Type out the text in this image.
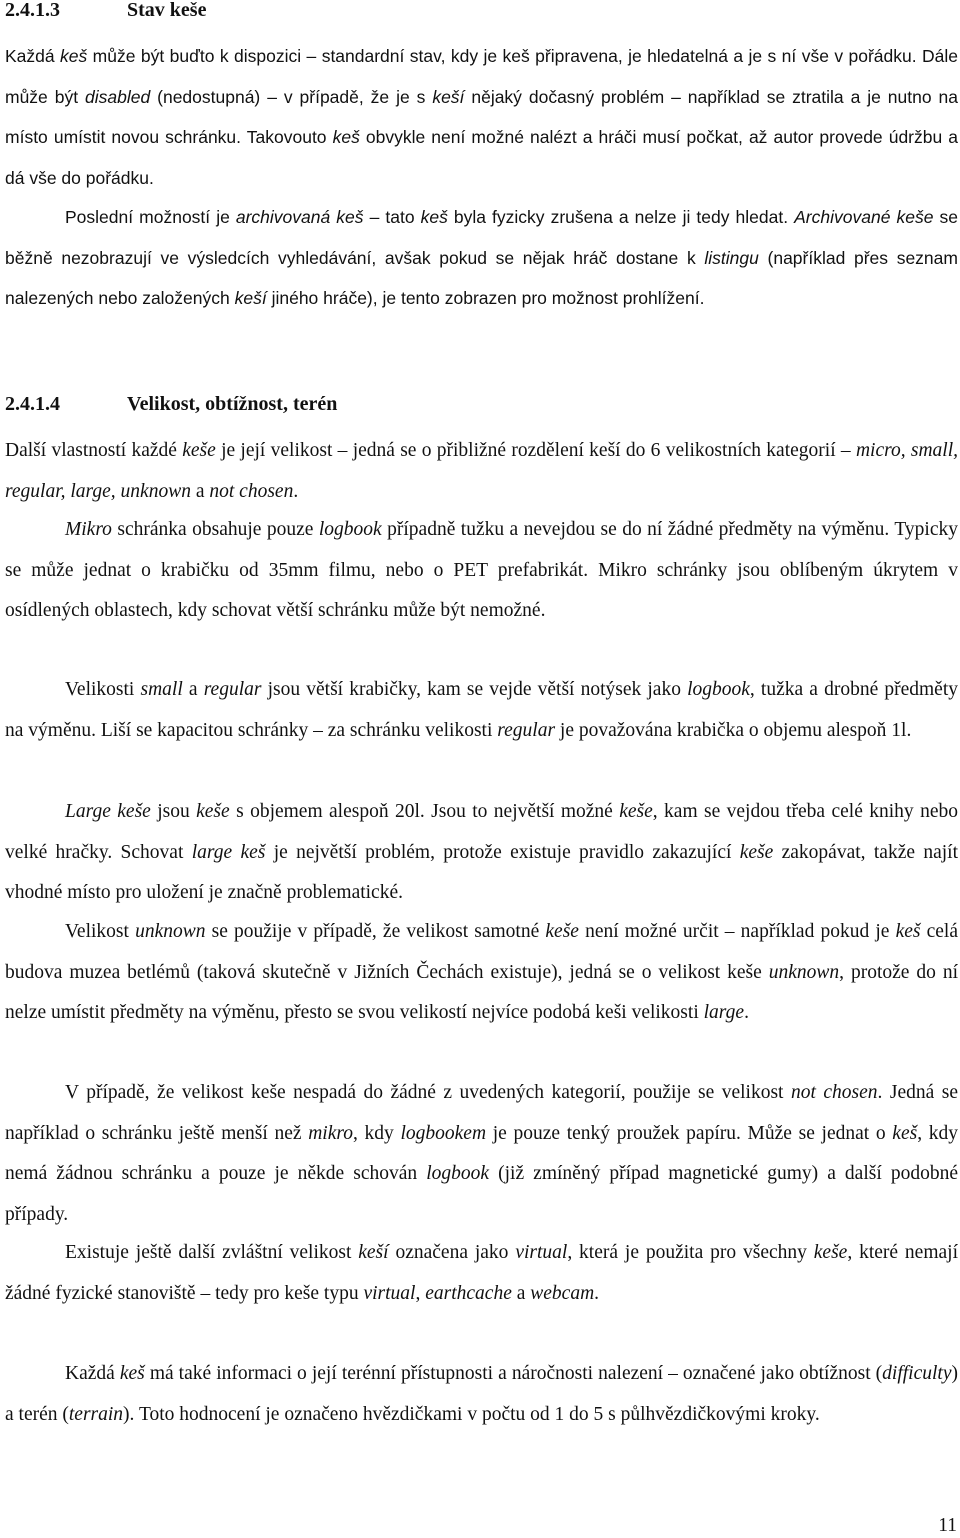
2.4.1.3	Stav keše

Každá keš může být buďto k dispozici – standardní stav, kdy je keš připravena, je hledatelná a je s ní vše v pořádku. Dále může být disabled (nedostupná) – v případě, že je s keší nějaký dočasný problém – například se ztratila a je nutno na místo umístit novou schránku. Takovouto keš obvykle není možné nalézt a hráči musí počkat, až autor provede údržbu a dá vše do pořádku.

Poslední možností je archivovaná keš – tato keš byla fyzicky zrušena a nelze ji tedy hledat. Archivované keše se běžně nezobrazují ve výsledcích vyhledávání, avšak pokud se nějak hráč dostane k listingu (například přes seznam nalezených nebo založených keší jiného hráče), je tento zobrazen pro možnost prohlížení.

2.4.1.4	Velikost, obtížnost, terén

Další vlastností každé keše je její velikost – jedná se o přibližné rozdělení keší do 6 velikostních kategorií – micro, small, regular, large, unknown a not chosen.

Mikro schránka obsahuje pouze logbook případně tužku a nevejdou se do ní žádné předměty na výměnu. Typicky se může jednat o krabičku od 35mm filmu, nebo o PET prefabrikát. Mikro schránky jsou oblíbeným úkrytem v osídlených oblastech, kdy schovat větší schránku může být nemožné.

Velikosti small a regular jsou větší krabičky, kam se vejde větší notýsek jako logbook, tužka a drobné předměty na výměnu. Liší se kapacitou schránky – za schránku velikosti regular je považována krabička o objemu alespoň 1l.

Large keše jsou keše s objemem alespoň 20l. Jsou to největší možné keše, kam se vejdou třeba celé knihy nebo velké hračky. Schovat large keš je největší problém, protože existuje pravidlo zakazující keše zakopávat, takže najít vhodné místo pro uložení je značně problematické.

Velikost unknown se použije v případě, že velikost samotné keše není možné určit – například pokud je keš celá budova muzea betlémů (taková skutečně v Jižních Čechách existuje), jedná se o velikost keše unknown, protože do ní nelze umístit předměty na výměnu, přesto se svou velikostí nejvíce podobá keši velikosti large.

V případě, že velikost keše nespadá do žádné z uvedených kategorií, použije se velikost not chosen. Jedná se například o schránku ještě menší než mikro, kdy logbookem je pouze tenký proužek papíru. Může se jednat o keš, kdy nemá žádnou schránku a pouze je někde schován logbook (již zmíněný případ magnetické gumy) a další podobné případy.

Existuje ještě další zvláštní velikost keší označena jako virtual, která je použita pro všechny keše, které nemají žádné fyzické stanoviště – tedy pro keše typu virtual, earthcache a webcam.

Každá keš má také informaci o její terénní přístupnosti a náročnosti nalezení – označené jako obtížnost (difficulty) a terén (terrain). Toto hodnocení je označeno hvězdičkami v počtu od 1 do 5 s půlhvězdičkovými kroky.

11
